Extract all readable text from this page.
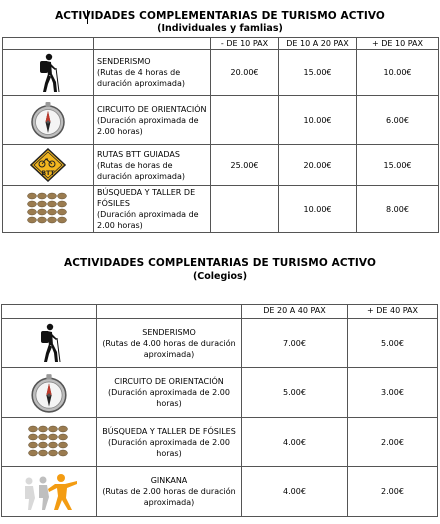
ACTIVIDADES COMPLEMENTARIAS DE TURISMO ACTIVO
(Individuales y famlias)
		- DE 10 PAX	DE 10 A 20 PAX	+ DE 10 PAX

SENDERISMO
(Rutas de 4 horas de duración aproximada)	20.00€	15.00€	10.00€

CIRCUITO DE ORIENTACIÓN
(Duración aproximada de 2.00 horas)		10.00€	6.00€

BTT	RUTAS BTT GUIADAS
(Rutas de horas de duración aproximada)	25.00€	20.00€	15.00€

BÚSQUEDA Y TALLER DE FÓSILES
(Duración aproximada de 2.00 horas)		10.00€	8.00€
ACTIVIDADES COMPLENTARIAS DE TURISMO ACTIVO
(Colegios)
		DE 20 A 40 PAX	+ DE 40 PAX

SENDERISMO
(Rutas de 4.00 horas de duración aproximada)	7.00€	5.00€

CIRCUITO DE ORIENTACIÓN
(Duración aproximada de 2.00 horas)	5.00€	3.00€

BÚSQUEDA Y TALLER DE FÓSILES
(Duración aproximada de 2.00 horas)	4.00€	2.00€

GINKANA
(Rutas de 2.00 horas de duración aproximada)	4.00€	2.00€
